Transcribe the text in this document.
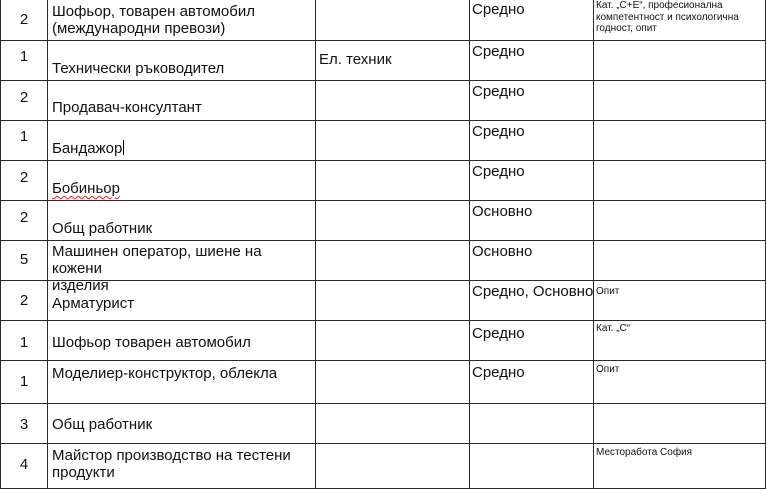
2	Шофьор, товарен автомобил
(международни превози)		Средно	Кат. „C+E“, професионална
компетентност и психологична
годност, опит

1	Технически ръководител	Ел. техник	Средно	

2	Продавач-консултант		Средно	

1	Бандажор		Средно	

2	Бобиньор		Средно	

2	Общ работник		Основно	

5	Машинен оператор, шиене на кожени
изделия		Основно	

2	Арматурист		Средно, Основно	Опит

1	Шофьор товарен автомобил		Средно	Кат. „С“

1	Моделиер-конструктор, облекла		Средно	Опит

3	Общ работник			

4	Майстор производство на тестени
продукти			Месторабота София
